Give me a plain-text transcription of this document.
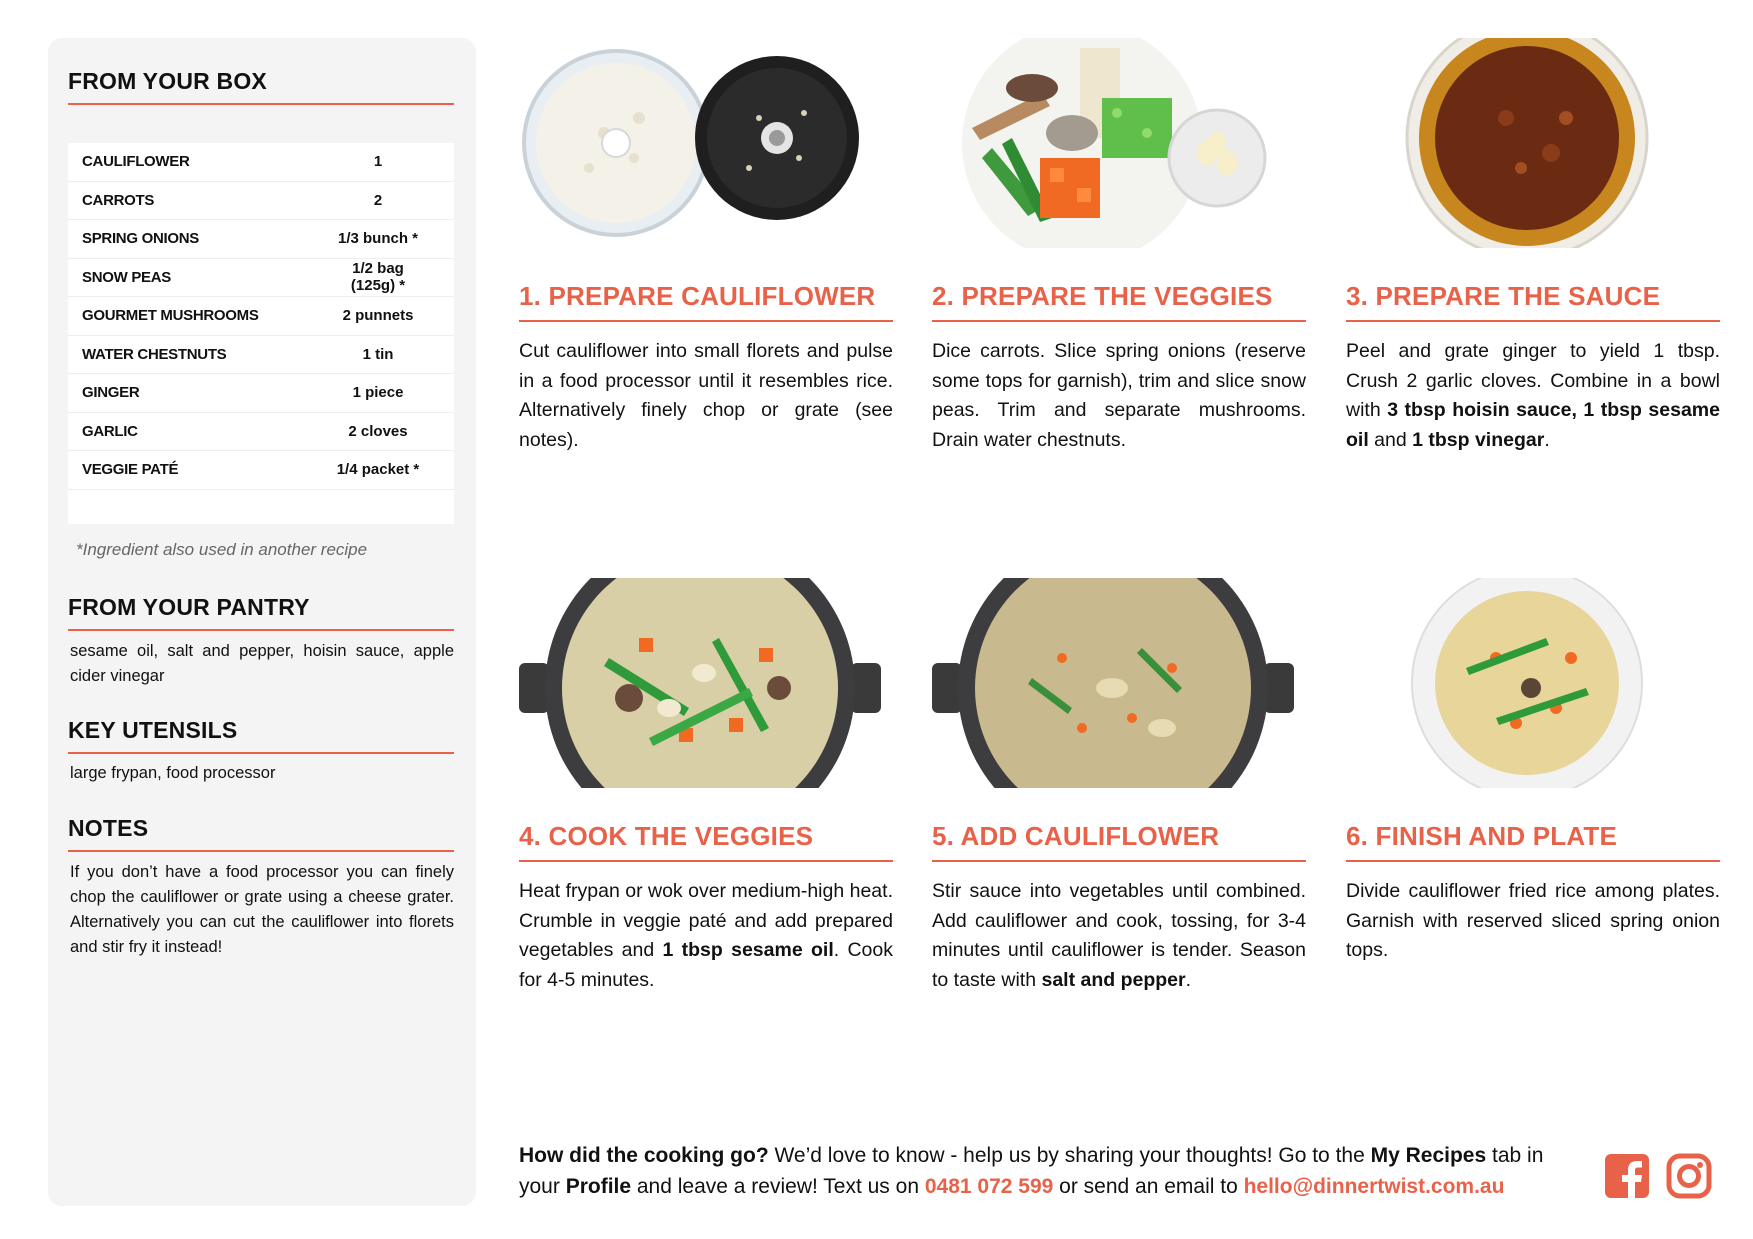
FROM YOUR BOX
CAULIFLOWER	1
CARROTS	2
SPRING ONIONS	1/3 bunch *
SNOW PEAS	1/2 bag (125g) *
GOURMET MUSHROOMS	2 punnets
WATER CHESTNUTS	1 tin
GINGER	1 piece
GARLIC	2 cloves
VEGGIE PATÉ	1/4 packet *
*Ingredient also used in another recipe
FROM YOUR PANTRY
sesame oil, salt and pepper, hoisin sauce, apple cider vinegar
KEY UTENSILS
large frypan, food processor
NOTES
If you don’t have a food processor you can finely chop the cauliflower or grate using a cheese grater. Alternatively you can cut the cauliflower into florets and stir fry it instead!
1. PREPARE CAULIFLOWER	2. PREPARE THE VEGGIES	3. PREPARE THE SAUCE
4. COOK THE VEGGIES	5. ADD CAULIFLOWER	6. FINISH AND PLATE
Cut cauliflower into small florets and pulse in a food processor until it resembles rice. Alternatively finely chop or grate (see notes).
Dice carrots. Slice spring onions (reserve some tops for garnish), trim and slice snow peas. Trim and separate mushrooms. Drain water chestnuts.
Peel and grate ginger to yield 1 tbsp. Crush 2 garlic cloves. Combine in a bowl with 3 tbsp hoisin sauce, 1 tbsp sesame oil and 1 tbsp vinegar.
Heat frypan or wok over medium-high heat. Crumble in veggie paté and add prepared vegetables and 1 tbsp sesame oil. Cook for 4-5 minutes.
Stir sauce into vegetables until combined. Add cauliflower and cook, tossing, for 3-4 minutes until cauliflower is tender. Season to taste with salt and pepper.
Divide cauliflower fried rice among plates. Garnish with reserved sliced spring onion tops.
How did the cooking go? We’d love to know - help us by sharing your thoughts! Go to the My Recipes tab in your Profile and leave a review! Text us on 0481 072 599 or send an email to hello@dinnertwist.com.au
